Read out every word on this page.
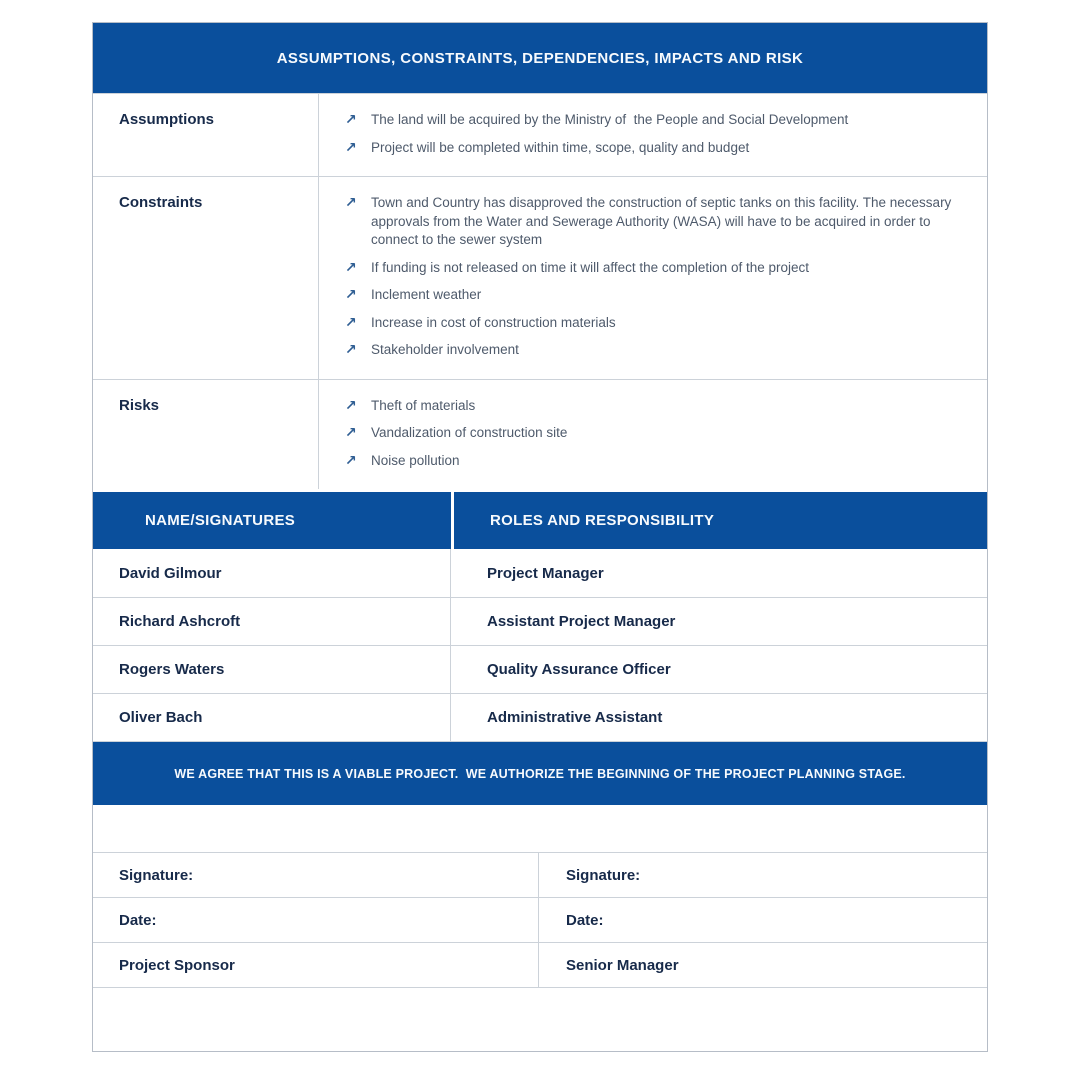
ASSUMPTIONS, CONSTRAINTS, DEPENDENCIES, IMPACTS AND RISK
Assumptions	↗	The land will be acquired by the Ministry of  the People and Social Development
↗	Project will be completed within time, scope, quality and budget
Constraints	↗	Town and Country has disapproved the construction of septic tanks on this facility. The necessary approvals from the Water and Sewerage Authority (WASA) will have to be acquired in order to connect to the sewer system
↗	If funding is not released on time it will affect the completion of the project
↗	Inclement weather
↗	Increase in cost of construction materials
↗	Stakeholder involvement
Risks	↗	Theft of materials
↗	Vandalization of construction site
↗	Noise pollution
NAME/SIGNATURES	ROLES AND RESPONSIBILITY
David Gilmour	Project Manager
Richard Ashcroft	Assistant Project Manager
Rogers Waters	Quality Assurance Officer
Oliver Bach	Administrative Assistant
WE AGREE THAT THIS IS A VIABLE PROJECT.  WE AUTHORIZE THE BEGINNING OF THE PROJECT PLANNING STAGE.
Signature:	Signature:
Date:	Date:
Project Sponsor	Senior Manager
